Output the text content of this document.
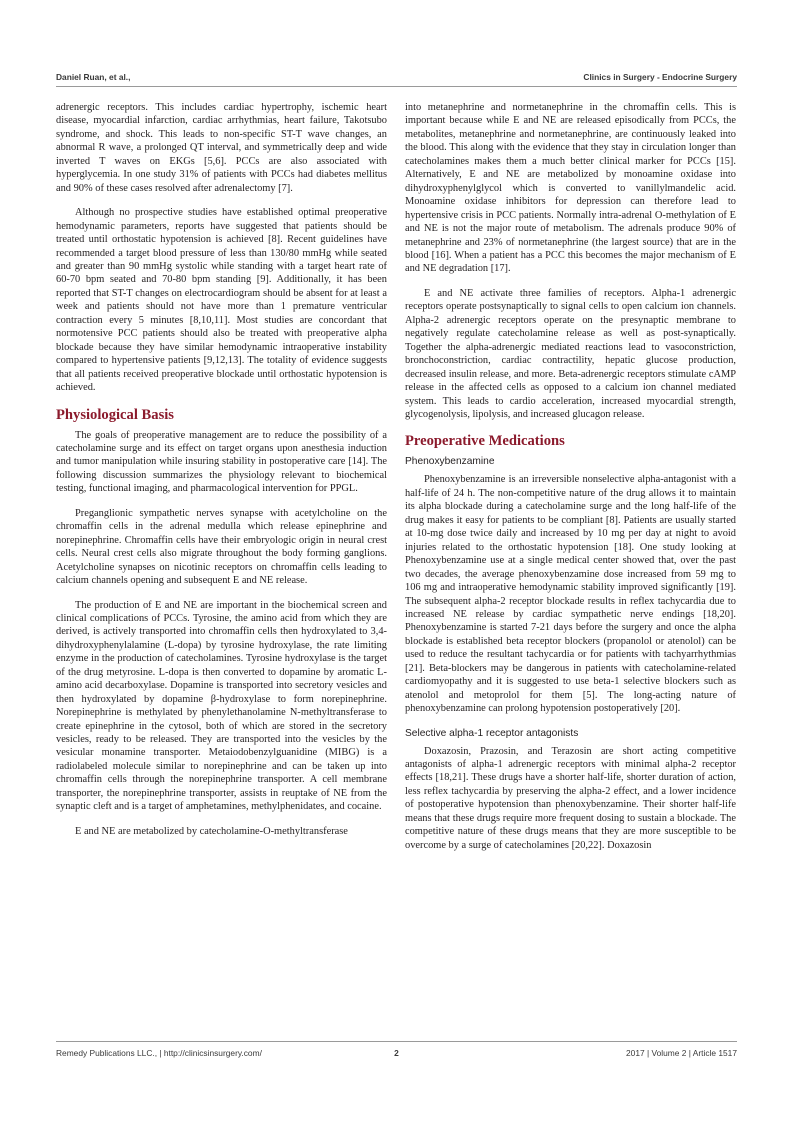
Daniel Ruan, et al.,	Clinics in Surgery - Endocrine Surgery

adrenergic receptors. This includes cardiac hypertrophy, ischemic heart disease, myocardial infarction, cardiac arrhythmias, heart failure, Takotsubo syndrome, and shock. This leads to non-specific ST-T wave changes, an abnormal R wave, a prolonged QT interval, and symmetrically deep and wide inverted T waves on EKGs [5,6]. PCCs are also associated with hyperglycemia. In one study 31% of patients with PCCs had diabetes mellitus and 90% of these cases resolved after adrenalectomy [7].

Although no prospective studies have established optimal preoperative hemodynamic parameters, reports have suggested that patients should be treated until orthostatic hypotension is achieved [8]. Recent guidelines have recommended a target blood pressure of less than 130/80 mmHg while seated and greater than 90 mmHg systolic while standing with a target heart rate of 60-70 bpm seated and 70-80 bpm standing [9]. Additionally, it has been reported that ST-T changes on electrocardiogram should be absent for at least a week and patients should not have more than 1 premature ventricular contraction every 5 minutes [8,10,11]. Most studies are concordant that normotensive PCC patients should also be treated with preoperative alpha blockade because they have similar hemodynamic intraoperative instability compared to hypertensive patients [9,12,13]. The totality of evidence suggests that all patients received preoperative blockade until orthostatic hypotension is achieved.

Physiological Basis

The goals of preoperative management are to reduce the possibility of a catecholamine surge and its effect on target organs upon anesthesia induction and tumor manipulation while insuring stability in postoperative care [14]. The following discussion summarizes the physiology relevant to biochemical testing, functional imaging, and pharmacological intervention for PPGL.

Preganglionic sympathetic nerves synapse with acetylcholine on the chromaffin cells in the adrenal medulla which release epinephrine and norepinephrine. Chromaffin cells have their embryologic origin in neural crest cells. Neural crest cells also migrate throughout the body forming ganglions. Acetylcholine synapses on nicotinic receptors on chromaffin cells leading to calcium channels opening and subsequent E and NE release.

The production of E and NE are important in the biochemical screen and clinical complications of PCCs. Tyrosine, the amino acid from which they are derived, is actively transported into chromaffin cells then hydroxylated to 3,4-dihydroxyphenylalamine (L-dopa) by tyrosine hydroxylase, the rate limiting enzyme in the production of catecholamines. Tyrosine hydroxylase is the target of the drug metyrosine. L-dopa is then converted to dopamine by aromatic L-amino acid decarboxylase. Dopamine is transported into secretory vesicles and then hydroxylated by dopamine β-hydroxylase to form norepinephrine. Norepinephrine is methylated by phenylethanolamine N-methyltransferase to create epinephrine in the cytosol, both of which are stored in the secretory vesicles, ready to be released. They are transported into the vesicles by the vesicular monamine transporter. Metaiodobenzylguanidine (MIBG) is a radiolabeled molecule similar to norepinephrine and can be taken up into chromaffin cells through the norepinephrine transporter. A cell membrane transporter, the norepinephrine transporter, assists in reuptake of NE from the synaptic cleft and is a target of amphetamines, methylphenidates, and cocaine.

E and NE are metabolized by catecholamine-O-methyltransferase

into metanephrine and normetanephrine in the chromaffin cells. This is important because while E and NE are released episodically from PCCs, the metabolites, metanephrine and normetanephrine, are continuously leaked into the blood. This along with the evidence that they stay in circulation longer than catecholamines makes them a much better clinical marker for PCCs [15]. Alternatively, E and NE are metabolized by monoamine oxidase into dihydroxyphenylglycol which is converted to vanillylmandelic acid. Monoamine oxidase inhibitors for depression can therefore lead to hypertensive crisis in PCC patients. Normally intra-adrenal O-methylation of E and NE is not the major route of metabolism. The adrenals produce 90% of metanephrine and 23% of normetanephrine (the largest source) that are in the blood [16]. When a patient has a PCC this becomes the major mechanism of E and NE degradation [17].

E and NE activate three families of receptors. Alpha-1 adrenergic receptors operate postsynaptically to signal cells to open calcium ion channels. Alpha-2 adrenergic receptors operate on the presynaptic membrane to negatively regulate catecholamine release as well as post-synaptically. Together the alpha-adrenergic mediated reactions lead to vasoconstriction, bronchoconstriction, cardiac contractility, hepatic glucose production, decreased insulin release, and more. Beta-adrenergic receptors stimulate cAMP release in the affected cells as opposed to a calcium ion channel mediated system. This leads to cardio acceleration, increased myocardial strength, glycogenolysis, lipolysis, and increased glucagon release.

Preoperative Medications
Phenoxybenzamine

Phenoxybenzamine is an irreversible nonselective alpha-antagonist with a half-life of 24 h. The non-competitive nature of the drug allows it to maintain its alpha blockade during a catecholamine surge and the long half-life of the drug makes it easy for patients to be compliant [8]. Patients are usually started at 10-mg dose twice daily and increased by 10 mg per day at night to avoid injuries related to the orthostatic hypotension [18]. One study looking at Phenoxybenzamine use at a single medical center showed that, over the past two decades, the average phenoxybenzamine dose increased from 59 mg to 106 mg and intraoperative hemodynamic stability improved significantly [19]. The subsequent alpha-2 receptor blockade results in reflex tachycardia due to increased NE release by cardiac sympathetic nerve endings [18,20]. Phenoxybenzamine is started 7-21 days before the surgery and once the alpha blockade is established beta receptor blockers (propanolol or atenolol) can be used to reduce the resultant tachycardia or for patients with tachyarrhythmias [21]. Beta-blockers may be dangerous in patients with catecholamine-related cardiomyopathy and it is suggested to use beta-1 selective blockers such as atenolol and metoprolol for them [5]. The long-acting nature of phenoxybenzamine can prolong hypotension postoperatively [20].

Selective alpha-1 receptor antagonists

Doxazosin, Prazosin, and Terazosin are short acting competitive antagonists of alpha-1 adrenergic receptors with minimal alpha-2 receptor effects [18,21]. These drugs have a shorter half-life, shorter duration of action, less reflex tachycardia by preserving the alpha-2 effect, and a lower incidence of postoperative hypotension than phenoxybenzamine. Their shorter half-life means that these drugs require more frequent dosing to sustain a blockade. The competitive nature of these drugs means that they are more susceptible to be overcome by a surge of catecholamines [20,22]. Doxazosin

Remedy Publications LLC., | http://clinicsinsurgery.com/	2	2017 | Volume 2 | Article 1517
